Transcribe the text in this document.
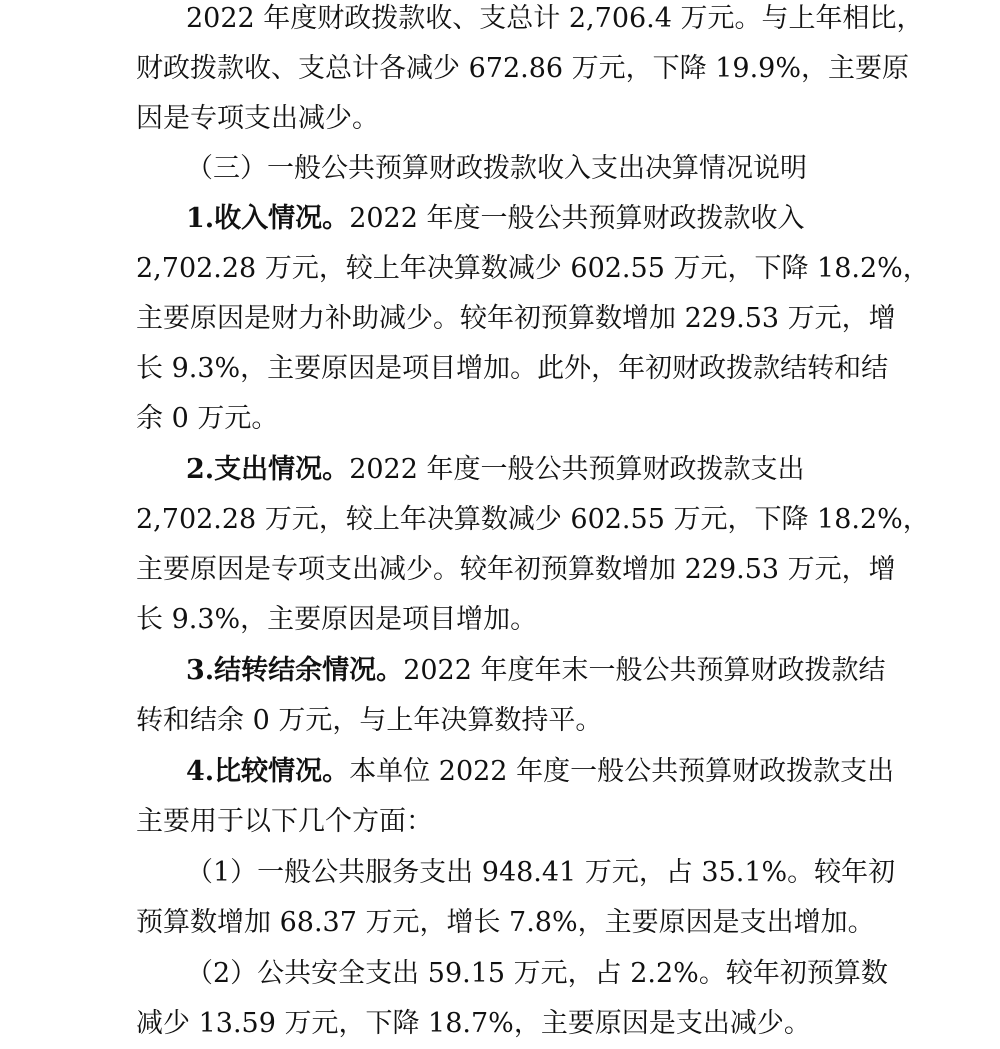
2022 年度财政拨款收、支总计 2,706.4 万元。与上年相比，
财政拨款收、支总计各减少 672.86 万元，下降 19.9%，主要原
因是专项支出减少。
（三）一般公共预算财政拨款收入支出决算情况说明
1.收入情况。2022 年度一般公共预算财政拨款收入
2,702.28 万元，较上年决算数减少 602.55 万元，下降 18.2%，
主要原因是财力补助减少。较年初预算数增加 229.53 万元，增
长 9.3%，主要原因是项目增加。此外，年初财政拨款结转和结
余 0 万元。
2.支出情况。2022 年度一般公共预算财政拨款支出
2,702.28 万元，较上年决算数减少 602.55 万元，下降 18.2%，
主要原因是专项支出减少。较年初预算数增加 229.53 万元，增
长 9.3%，主要原因是项目增加。
3.结转结余情况。2022 年度年末一般公共预算财政拨款结
转和结余 0 万元，与上年决算数持平。
4.比较情况。本单位 2022 年度一般公共预算财政拨款支出
主要用于以下几个方面：
（1）一般公共服务支出 948.41 万元，占 35.1%。较年初
预算数增加 68.37 万元，增长 7.8%，主要原因是支出增加。
（2）公共安全支出 59.15 万元，占 2.2%。较年初预算数
减少 13.59 万元，下降 18.7%，主要原因是支出减少。
